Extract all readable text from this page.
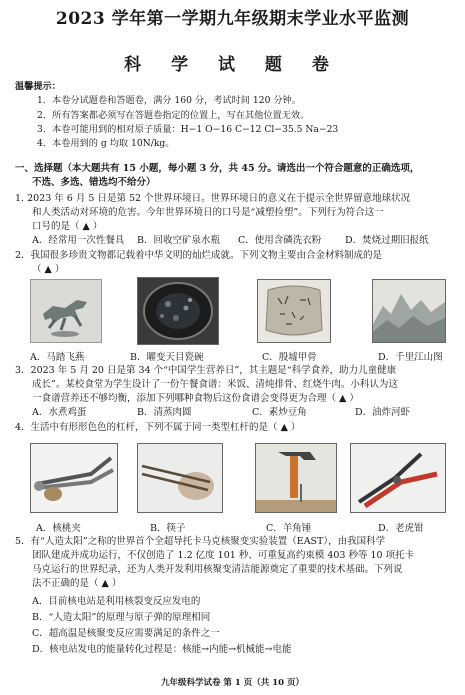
2023 学年第一学期九年级期末学业水平监测
科 学 试 题 卷
温馨提示：
1．本卷分试题卷和答题卷，满分 160 分，考试时间 120 分钟。
2．所有答案都必须写在答题卷指定的位置上，写在其他位置无效。
3．本卷可能用到的相对原子质量：H−1 O−16 C−12 Cl−35.5 Na−23
4．本卷用到的 g 均取 10N/kg。
一、选择题（本大题共有 15 小题，每小题 3 分，共 45 分。请选出一个符合题意的正确选项，
不选、多选、错选均不给分）
1. 2023 年 6 月 5 日是第 52 个世界环境日。世界环境日的意义在于提示全世界留意地球状况
和人类活动对环境的危害。今年世界环境日的口号是“减塑捡塑”。下列行为符合这一
口号的是（ ▲ ）
A．经常用一次性餐具 B．回收空矿泉水瓶 C．使用含磷洗衣粉 D．焚烧过期旧报纸
2．我国很多珍贵文物都记载着中华文明的灿烂成就。下列文物主要由合金材料制成的是
（ ▲ ）
A．马踏飞燕	B．曜变天目瓷碗	C．殷墟甲骨	D．千里江山图
3．2023 年 5 月 20 日是第 34 个“中国学生营养日”，其主题是“科学食养，助力儿童健康
成长”。某校食堂为学生设计了一份午餐食谱：米饭、清炖排骨、红烧牛肉。小科认为这
一食谱营养还不够均衡，添加下列哪种食物后这份食谱会变得更为合理（ ▲ ）
A．水煮鸡蛋	B．清蒸肉圆	C．素炒豆角	D．油炸河虾
4．生活中有形形色色的杠杆，下列不属于同一类型杠杆的是（ ▲ ）
A．核桃夹	B．筷子	C．羊角锤	D．老虎钳
5．有“人造太阳”之称的世界首个全超导托卡马克核聚变实验装置（EAST），由我国科学
团队建成并成功运行，不仅创造了 1.2 亿度 101 秒、可重复高约束模 403 秒等 10 项托卡
马克运行的世界纪录，还为人类开发利用核聚变清洁能源奠定了重要的技术基础。下列说
法不正确的是（ ▲ ）
A．目前核电站是利用核裂变反应发电的
B．“人造太阳”的原理与原子弹的原理相同
C．超高温是核聚变反应需要满足的条件之一
D．核电站发电的能量转化过程是：核能→内能→机械能→电能
九年级科学试卷 第 1 页（共 10 页）
